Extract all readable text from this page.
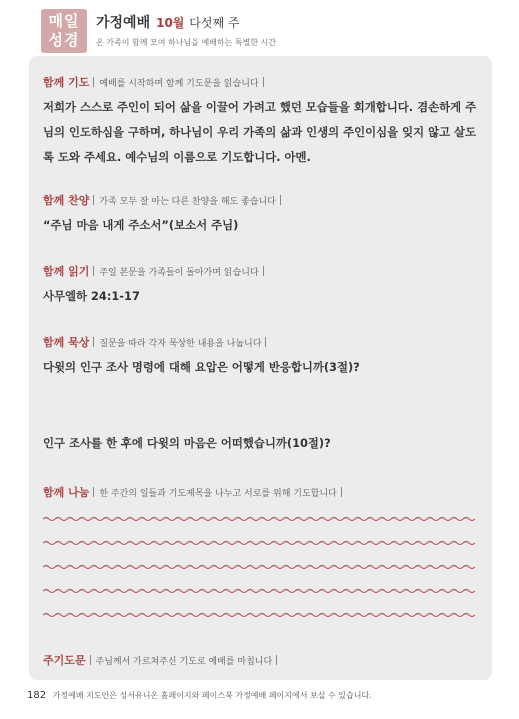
매일
성경
가정예배 10월 다섯째 주
온 가족이 함께 모여 하나님을 예배하는 특별한 시간
함께 기도 예배를 시작하며 함께 기도문을 읽습니다
저희가 스스로 주인이 되어 삶을 이끌어 가려고 했던 모습들을 회개합니다. 겸손하게 주님의 인도하심을 구하며, 하나님이 우리 가족의 삶과 인생의 주인이심을 잊지 않고 살도록 도와 주세요. 예수님의 이름으로 기도합니다. 아멘.
함께 찬양 가족 모두 잘 아는 다른 찬양을 해도 좋습니다
“주님 마음 내게 주소서”(보소서 주님)
함께 읽기 주일 본문을 가족들이 돌아가며 읽습니다
사무엘하 24:1-17
함께 묵상 질문을 따라 각자 묵상한 내용을 나눕니다
다윗의 인구 조사 명령에 대해 요압은 어떻게 반응합니까(3절)?
인구 조사를 한 후에 다윗의 마음은 어떠했습니까(10절)?
함께 나눔 한 주간의 일들과 기도제목을 나누고 서로를 위해 기도합니다
주기도문 주님께서 가르쳐주신 기도로 예배를 마칩니다
182 가정예배 지도안은 성서유니온 홈페이지와 페이스북 가정예배 페이지에서 보실 수 있습니다.
